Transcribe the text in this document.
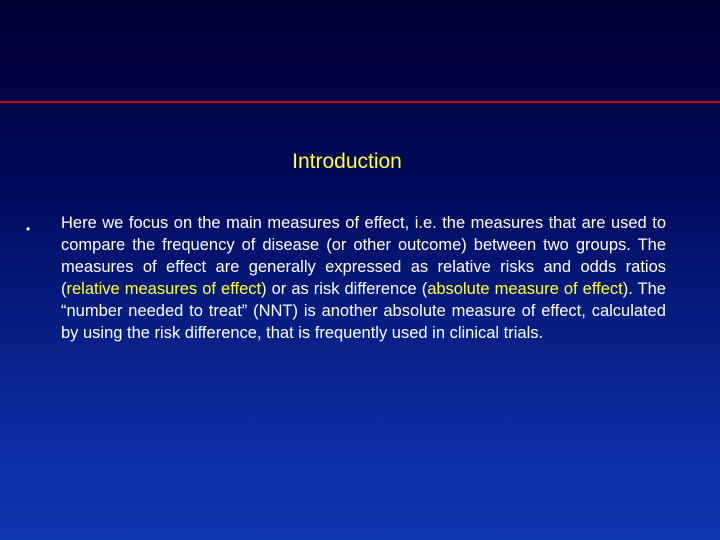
Introduction
• Here we focus on the main measures of effect, i.e. the measures that are used to compare the frequency of disease (or other outcome) between two groups. The measures of effect are generally expressed as relative risks and odds ratios (relative measures of effect) or as risk difference (absolute measure of effect). The “number needed to treat” (NNT) is another absolute measure of effect, calculated by using the risk difference, that is frequently used in clinical trials.
